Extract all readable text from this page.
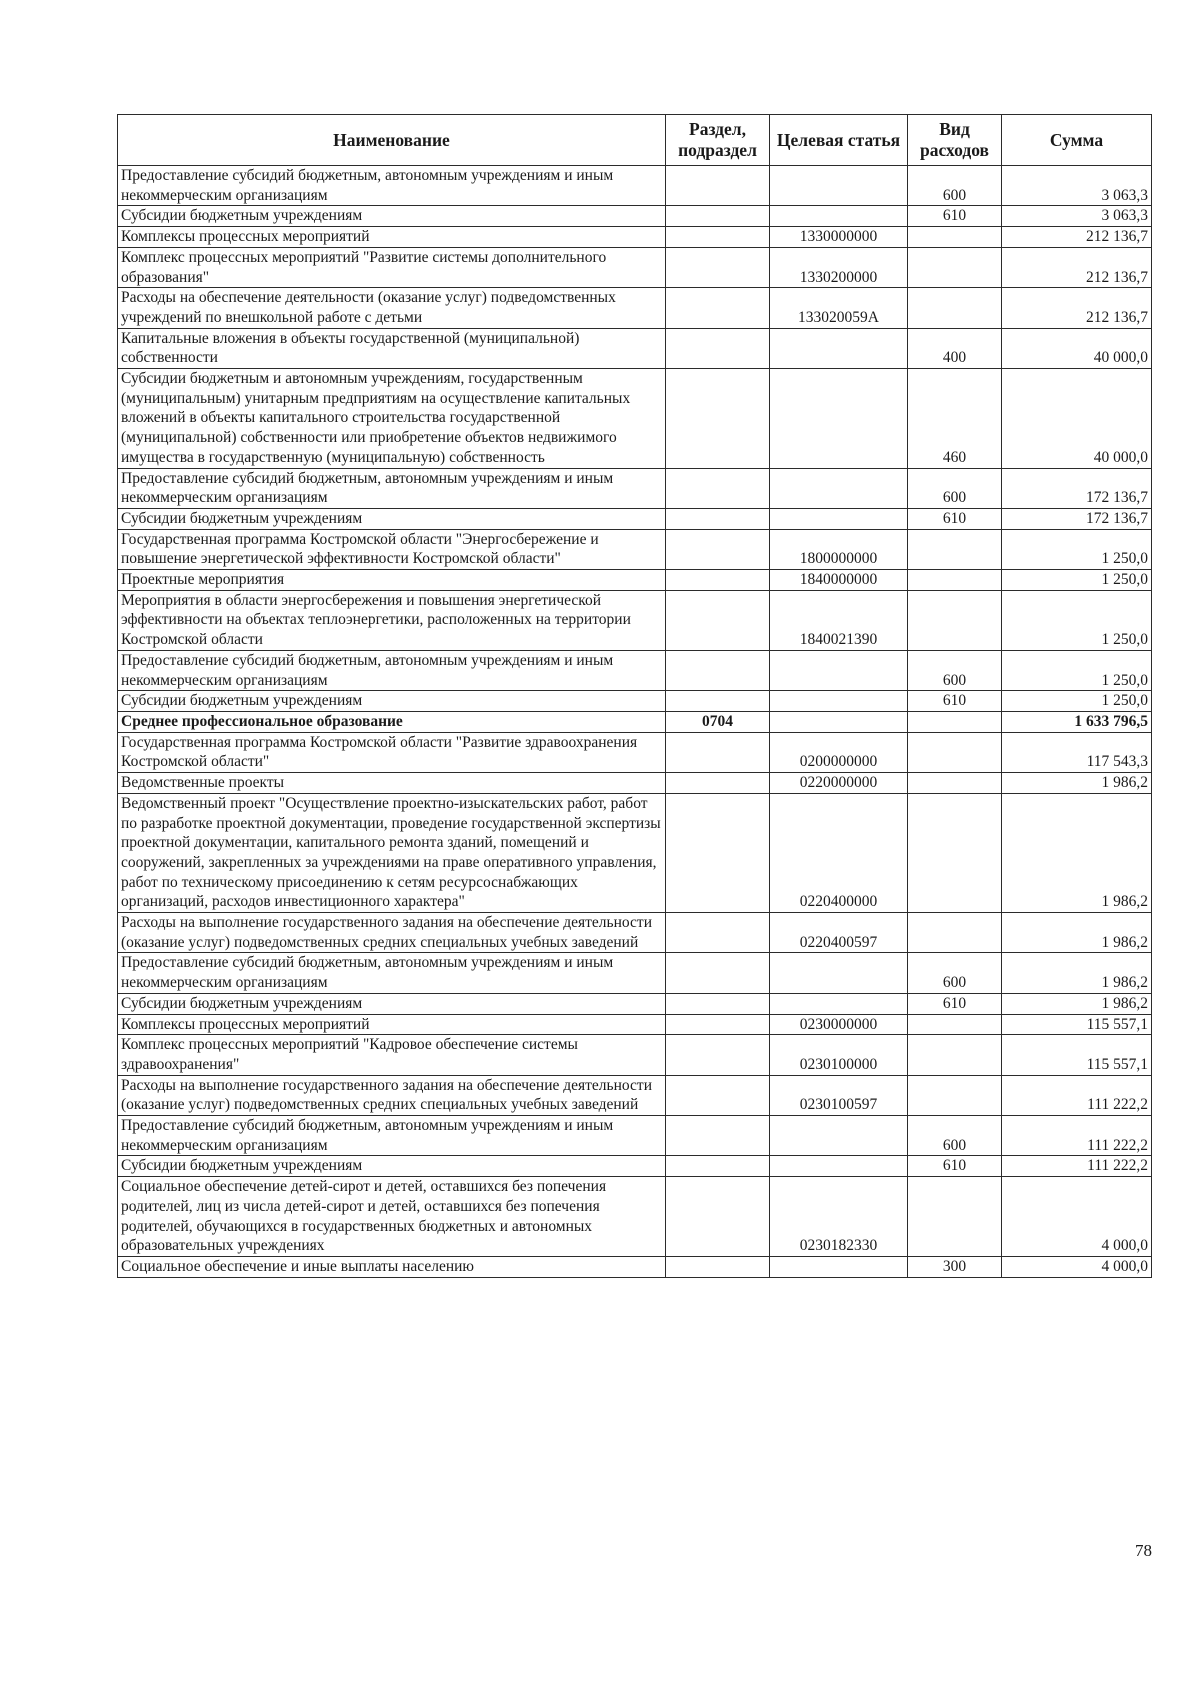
Наименование	Раздел, подраздел	Целевая статья	Вид расходов	Сумма
Предоставление субсидий бюджетным, автономным учреждениям и иным некоммерческим организациям			600	3 063,3
Субсидии бюджетным учреждениям			610	3 063,3
Комплексы процессных мероприятий		1330000000		212 136,7
Комплекс процессных мероприятий "Развитие системы дополнительного образования"		1330200000		212 136,7
Расходы на обеспечение деятельности (оказание услуг) подведомственных учреждений по внешкольной работе с детьми		133020059А		212 136,7
Капитальные вложения в объекты государственной (муниципальной) собственности			400	40 000,0
Субсидии бюджетным и автономным учреждениям, государственным (муниципальным) унитарным предприятиям на осуществление капитальных вложений в объекты капитального строительства государственной (муниципальной) собственности или приобретение объектов недвижимого имущества в государственную (муниципальную) собственность			460	40 000,0
Предоставление субсидий бюджетным, автономным учреждениям и иным некоммерческим организациям			600	172 136,7
Субсидии бюджетным учреждениям			610	172 136,7
Государственная программа Костромской области "Энергосбережение и повышение энергетической эффективности Костромской области"		1800000000		1 250,0
Проектные мероприятия		1840000000		1 250,0
Мероприятия в области энергосбережения и повышения энергетической эффективности на объектах теплоэнергетики, расположенных на территории Костромской области		1840021390		1 250,0
Предоставление субсидий бюджетным, автономным учреждениям и иным некоммерческим организациям			600	1 250,0
Субсидии бюджетным учреждениям			610	1 250,0
Среднее профессиональное образование	0704			1 633 796,5
Государственная программа Костромской области "Развитие здравоохранения Костромской области"		0200000000		117 543,3
Ведомственные проекты		0220000000		1 986,2
Ведомственный проект "Осуществление проектно-изыскательских работ, работ по разработке проектной документации, проведение государственной экспертизы проектной документации, капитального ремонта зданий, помещений и сооружений, закрепленных за учреждениями на праве оперативного управления, работ по техническому присоединению к сетям ресурсоснабжающих организаций, расходов инвестиционного характера"		0220400000		1 986,2
Расходы на выполнение государственного задания на обеспечение деятельности (оказание услуг) подведомственных средних специальных учебных заведений		0220400597		1 986,2
Предоставление субсидий бюджетным, автономным учреждениям и иным некоммерческим организациям			600	1 986,2
Субсидии бюджетным учреждениям			610	1 986,2
Комплексы процессных мероприятий		0230000000		115 557,1
Комплекс процессных мероприятий "Кадровое обеспечение системы здравоохранения"		0230100000		115 557,1
Расходы на выполнение государственного задания на обеспечение деятельности (оказание услуг) подведомственных средних специальных учебных заведений		0230100597		111 222,2
Предоставление субсидий бюджетным, автономным учреждениям и иным некоммерческим организациям			600	111 222,2
Субсидии бюджетным учреждениям			610	111 222,2
Социальное обеспечение детей-сирот и детей, оставшихся без попечения родителей, лиц из числа детей-сирот и детей, оставшихся без попечения родителей, обучающихся в государственных бюджетных и автономных образовательных учреждениях		0230182330		4 000,0
Социальное обеспечение и иные выплаты населению			300	4 000,0
78
